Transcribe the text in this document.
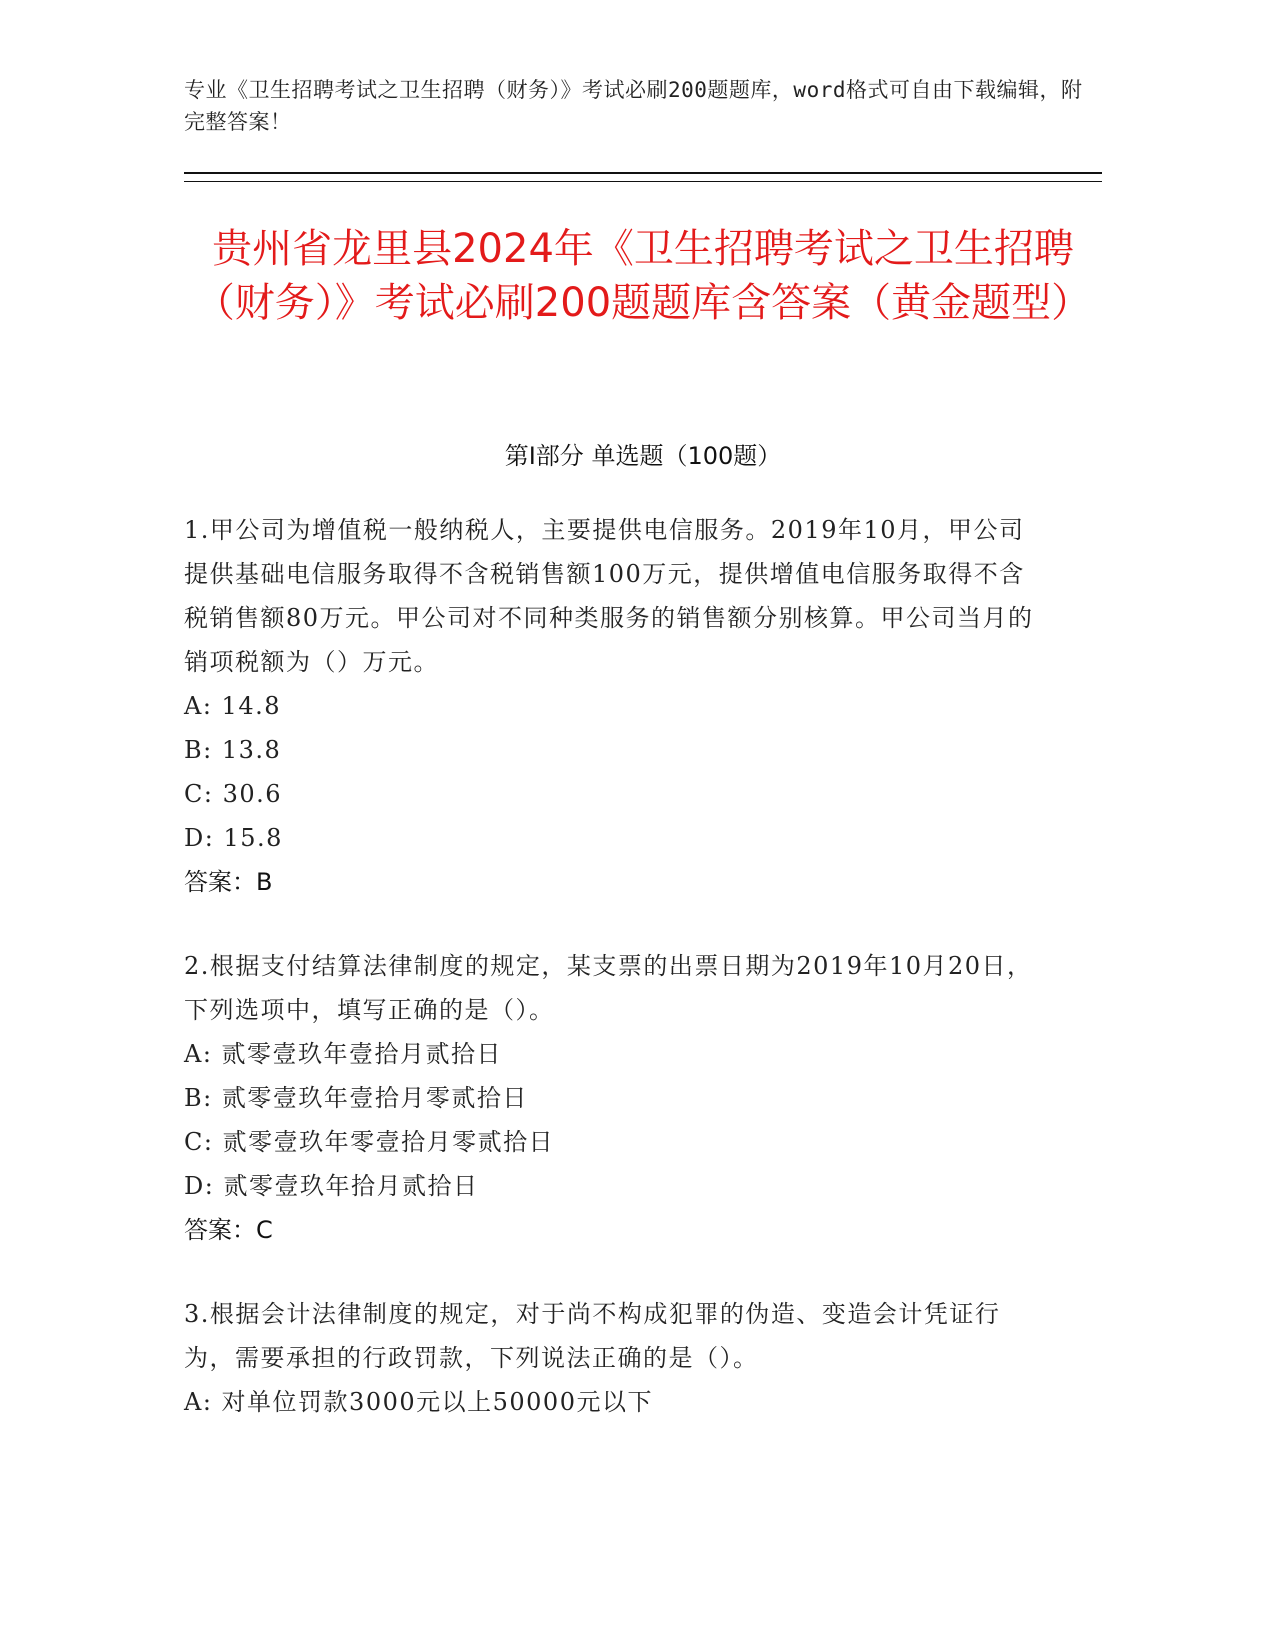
专业《卫生招聘考试之卫生招聘（财务）》考试必刷200题题库，word格式可自由下载编辑，附完整答案！
贵州省龙里县2024年《卫生招聘考试之卫生招聘（财务）》考试必刷200题题库含答案（黄金题型）
第I部分 单选题（100题）
1.甲公司为增值税一般纳税人，主要提供电信服务。2019年10月，甲公司提供基础电信服务取得不含税销售额100万元，提供增值电信服务取得不含税销售额80万元。甲公司对不同种类服务的销售额分别核算。甲公司当月的销项税额为（）万元。
A: 14.8
B: 13.8
C: 30.6
D: 15.8
答案：B
2.根据支付结算法律制度的规定，某支票的出票日期为2019年10月20日，下列选项中，填写正确的是（）。
A: 贰零壹玖年壹拾月贰拾日
B: 贰零壹玖年壹拾月零贰拾日
C: 贰零壹玖年零壹拾月零贰拾日
D: 贰零壹玖年拾月贰拾日
答案：C
3.根据会计法律制度的规定，对于尚不构成犯罪的伪造、变造会计凭证行为，需要承担的行政罚款，下列说法正确的是（）。
A: 对单位罚款3000元以上50000元以下
